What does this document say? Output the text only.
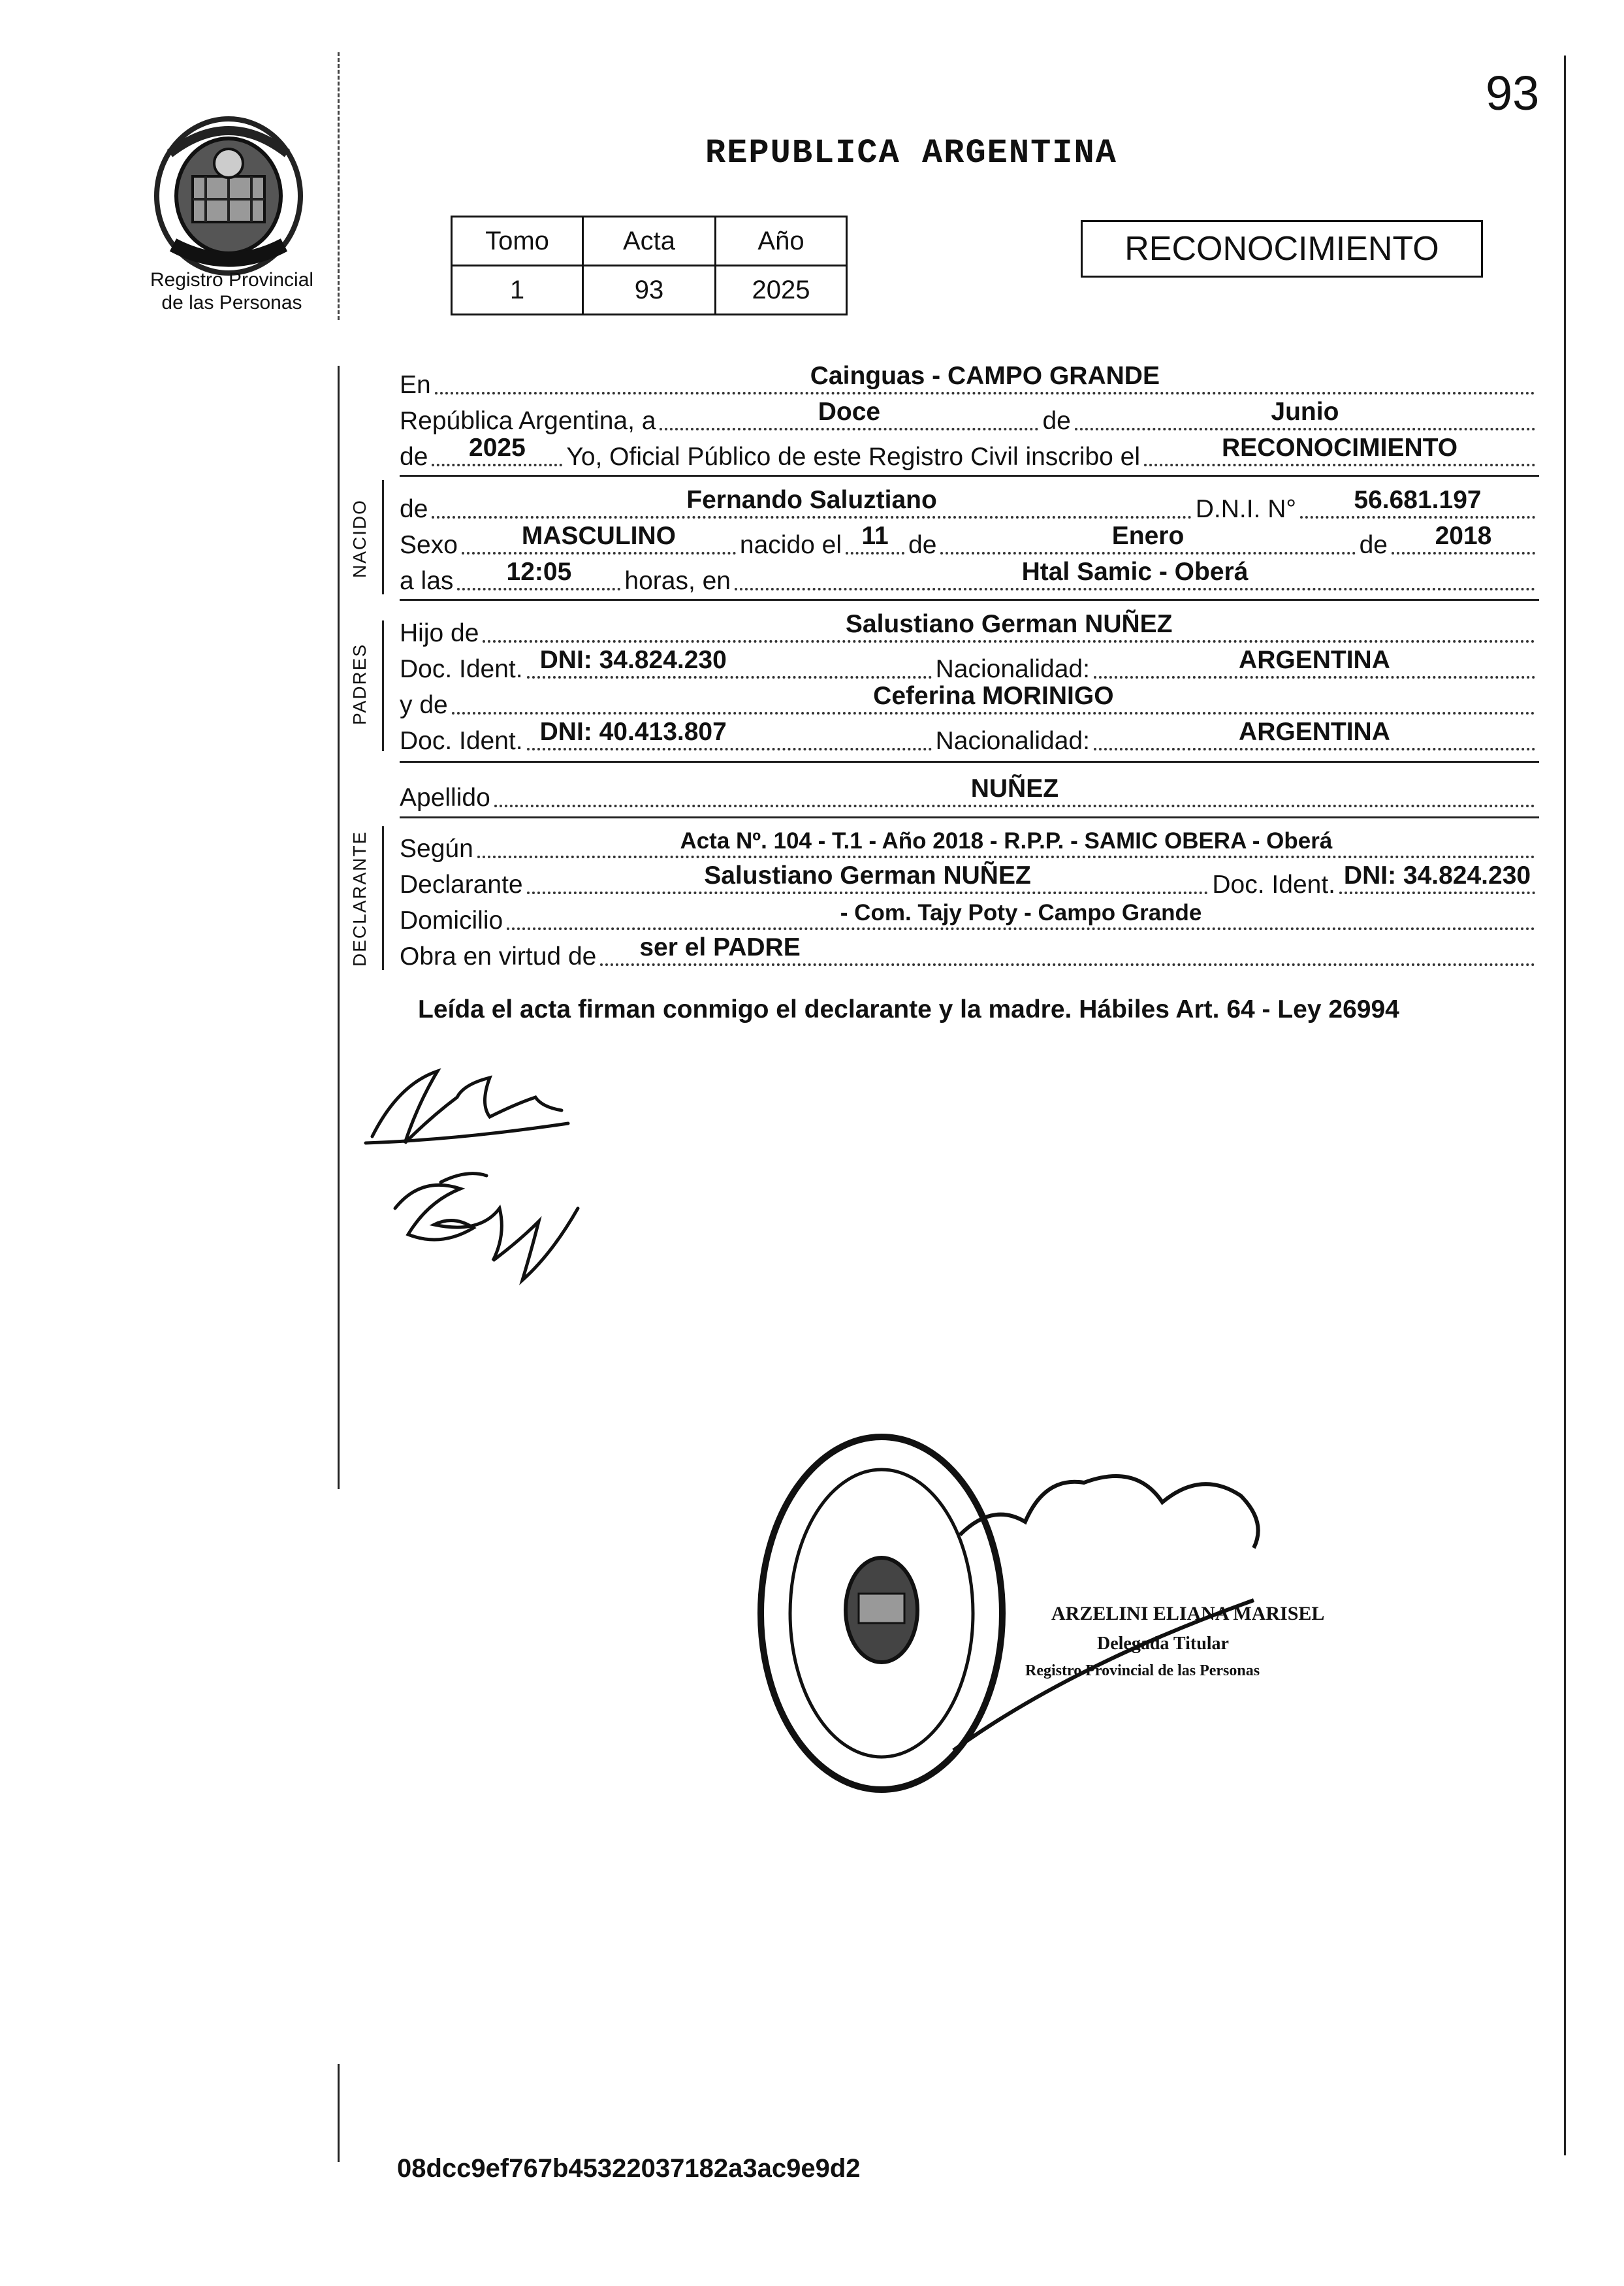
93
Registro Provincial
de las Personas
REPUBLICA ARGENTINA
Tomo	Acta	Año
1	93	2025
RECONOCIMIENTO
NACIDO
PADRES
DECLARANTE
En	Cainguas - CAMPO GRANDE
República Argentina, a	Doce	de	Junio
de	2025	Yo, Oficial Público de este Registro Civil inscribo el	RECONOCIMIENTO
de	Fernando Saluztiano	D.N.I. N°	56.681.197
Sexo	MASCULINO	nacido el 11 de	Enero	de	2018
a las	12:05	horas, en	Htal Samic - Oberá
Hijo de	Salustiano German NUÑEZ
Doc. Ident. DNI: 34.824.230	Nacionalidad:	ARGENTINA
y de	Ceferina MORINIGO
Doc. Ident. DNI: 40.413.807	Nacionalidad:	ARGENTINA
Apellido	NUÑEZ
Según	Acta Nº. 104 - T.1 - Año 2018 - R.P.P. - SAMIC OBERA - Oberá
Declarante	Salustiano German NUÑEZ	Doc. Ident. DNI: 34.824.230
Domicilio	- Com. Tajy Poty - Campo Grande
Obra en virtud de	ser el PADRE
Leída el acta firman conmigo el declarante y la madre. Hábiles Art. 64 - Ley 26994
ARZELINI ELIANA MARISEL
Delegada Titular
Registro Provincial de las Personas
08dcc9ef767b45322037182a3ac9e9d2
